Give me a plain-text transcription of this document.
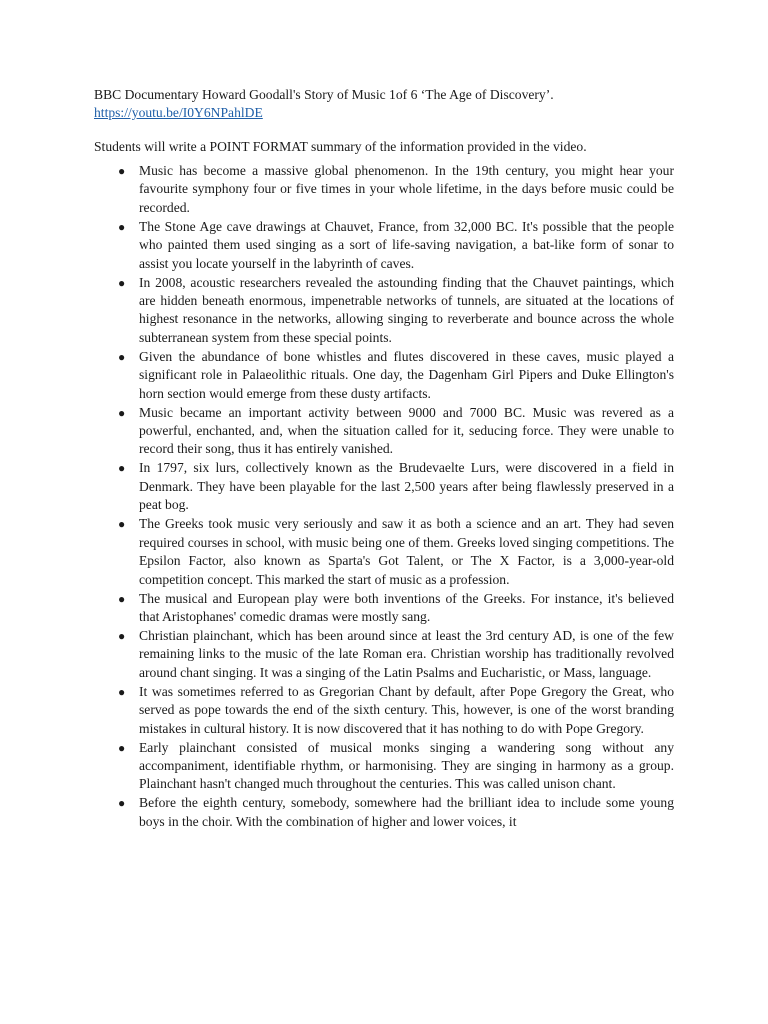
BBC Documentary Howard Goodall's Story of Music 1of 6 ‘The Age of Discovery’.

https://youtu.be/I0Y6NPahlDE

Students will write a POINT FORMAT summary of the information provided in the video.

● Music has become a massive global phenomenon. In the 19th century, you might hear your favourite symphony four or five times in your whole lifetime, in the days before music could be recorded.
● The Stone Age cave drawings at Chauvet, France, from 32,000 BC. It's possible that the people who painted them used singing as a sort of life-saving navigation, a bat-like form of sonar to assist you locate yourself in the labyrinth of caves.
● In 2008, acoustic researchers revealed the astounding finding that the Chauvet paintings, which are hidden beneath enormous, impenetrable networks of tunnels, are situated at the locations of highest resonance in the networks, allowing singing to reverberate and bounce across the whole subterranean system from these special points.
● Given the abundance of bone whistles and flutes discovered in these caves, music played a significant role in Palaeolithic rituals. One day, the Dagenham Girl Pipers and Duke Ellington's horn section would emerge from these dusty artifacts.
● Music became an important activity between 9000 and 7000 BC. Music was revered as a powerful, enchanted, and, when the situation called for it, seducing force. They were unable to record their song, thus it has entirely vanished.
● In 1797, six lurs, collectively known as the Brudevaelte Lurs, were discovered in a field in Denmark. They have been playable for the last 2,500 years after being flawlessly preserved in a peat bog.
● The Greeks took music very seriously and saw it as both a science and an art. They had seven required courses in school, with music being one of them. Greeks loved singing competitions. The Epsilon Factor, also known as Sparta's Got Talent, or The X Factor, is a 3,000-year-old competition concept. This marked the start of music as a profession.
● The musical and European play were both inventions of the Greeks. For instance, it's believed that Aristophanes' comedic dramas were mostly sang.
● Christian plainchant, which has been around since at least the 3rd century AD, is one of the few remaining links to the music of the late Roman era. Christian worship has traditionally revolved around chant singing. It was a singing of the Latin Psalms and Eucharistic, or Mass, language.
● It was sometimes referred to as Gregorian Chant by default, after Pope Gregory the Great, who served as pope towards the end of the sixth century. This, however, is one of the worst branding mistakes in cultural history. It is now discovered that it has nothing to do with Pope Gregory.
● Early plainchant consisted of musical monks singing a wandering song without any accompaniment, identifiable rhythm, or harmonising. They are singing in harmony as a group. Plainchant hasn't changed much throughout the centuries. This was called unison chant.
● Before the eighth century, somebody, somewhere had the brilliant idea to include some young boys in the choir. With the combination of higher and lower voices, it
